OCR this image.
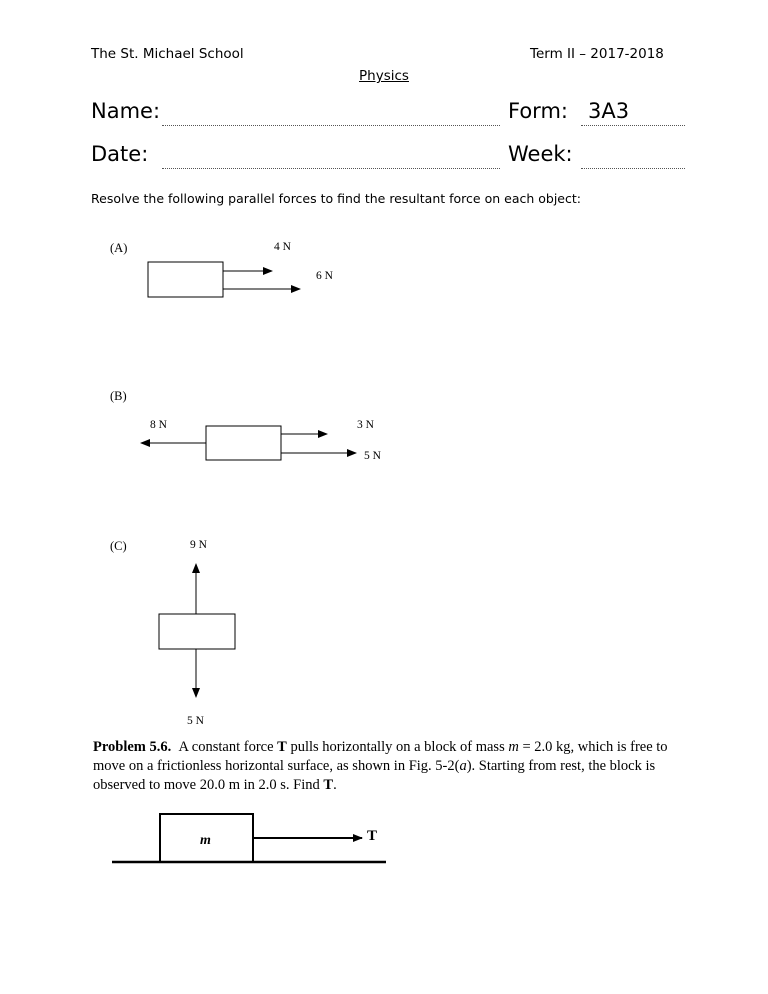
The St. Michael School	Term II – 2017-2018
Physics
Name:	Form: 3A3
Date:	Week:
Resolve the following parallel forces to find the resultant force on each object:
(A)	4 N
6 N
(B)
8 N	3 N
5 N
(C)	9 N
5 N
Problem 5.6. A constant force T pulls horizontally on a block of mass m = 2.0 kg, which is free to move on a frictionless horizontal surface, as shown in Fig. 5-2(a). Starting from rest, the block is observed to move 20.0 m in 2.0 s. Find T.
m	T
